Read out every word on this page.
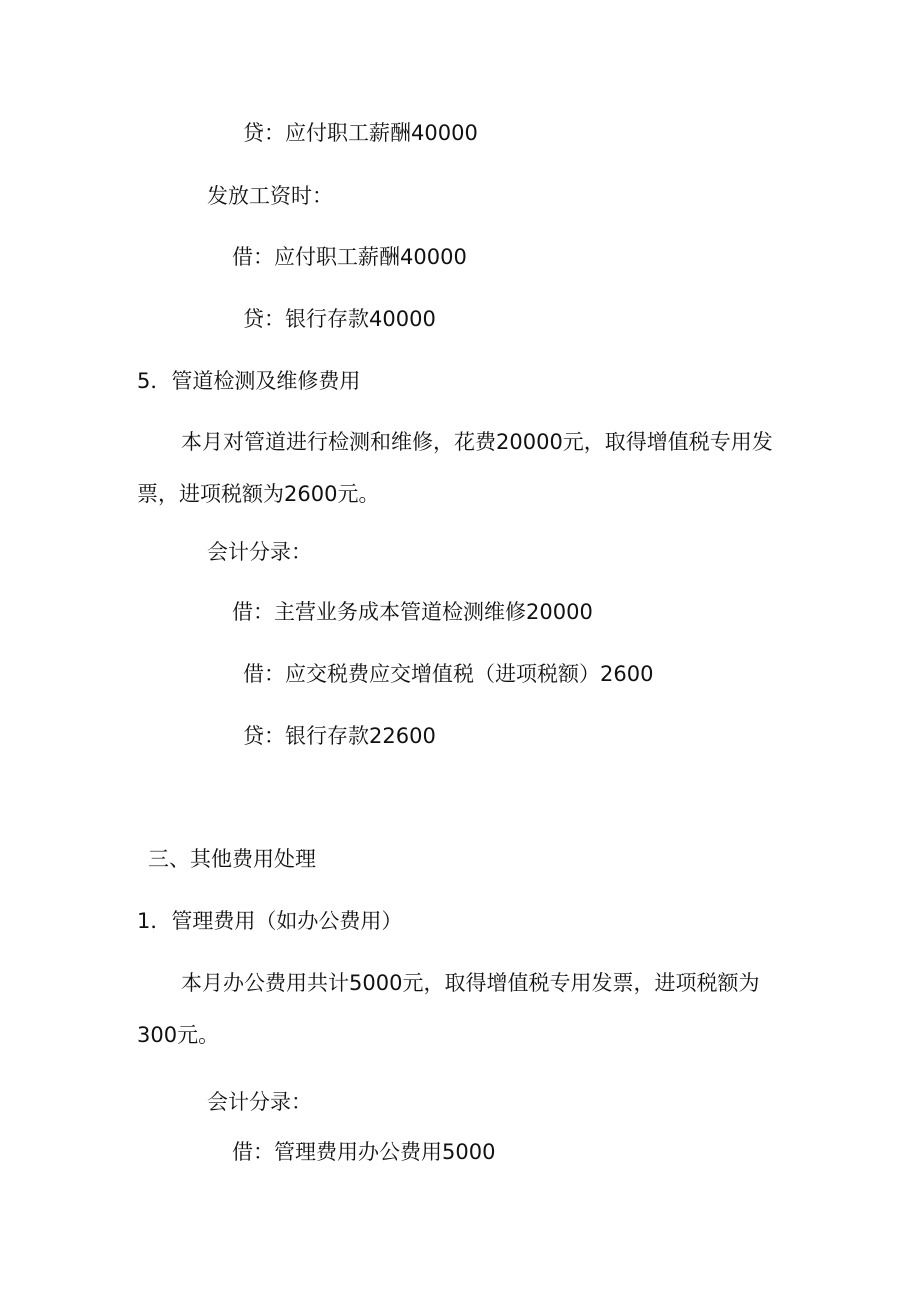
贷：应付职工薪酬40000
发放工资时：
借：应付职工薪酬40000
贷：银行存款40000
5．管道检测及维修费用
本月对管道进行检测和维修，花费20000元，取得增值税专用发票，进项税额为2600元。
会计分录：
借：主营业务成本管道检测维修20000
借：应交税费应交增值税（进项税额）2600
贷：银行存款22600
三、其他费用处理
1．管理费用（如办公费用）
本月办公费用共计5000元，取得增值税专用发票，进项税额为300元。
会计分录：
借：管理费用办公费用5000
